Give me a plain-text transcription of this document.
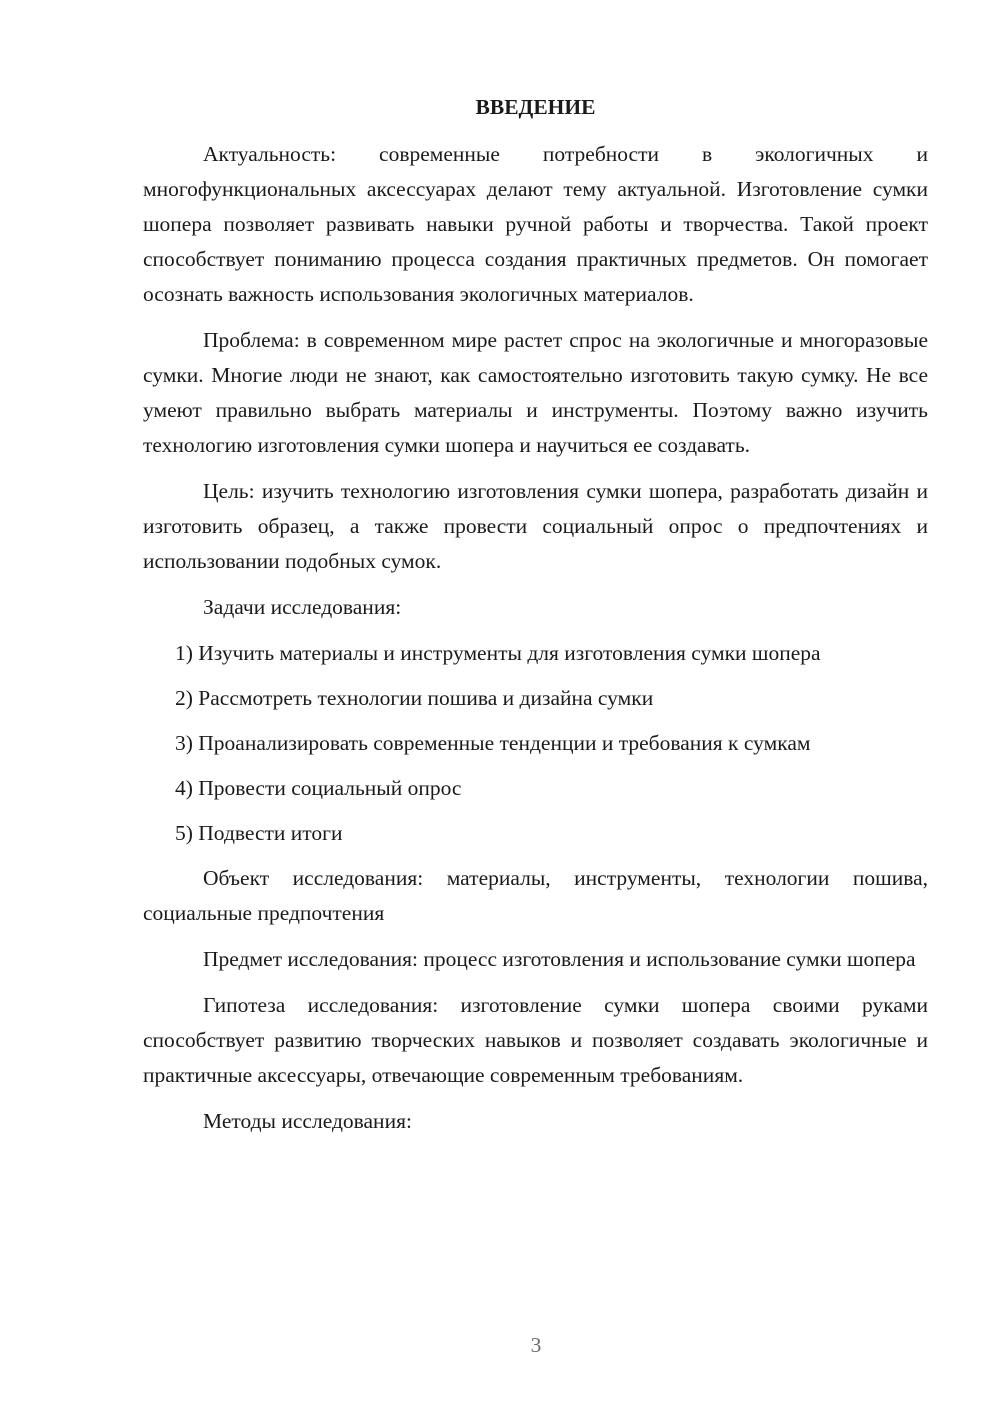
ВВЕДЕНИЕ

Актуальность: современные потребности в экологичных и многофункциональных аксессуарах делают тему актуальной. Изготовление сумки шопера позволяет развивать навыки ручной работы и творчества. Такой проект способствует пониманию процесса создания практичных предметов. Он помогает осознать важность использования экологичных материалов.

Проблема: в современном мире растет спрос на экологичные и многоразовые сумки. Многие люди не знают, как самостоятельно изготовить такую сумку. Не все умеют правильно выбрать материалы и инструменты. Поэтому важно изучить технологию изготовления сумки шопера и научиться ее создавать.

Цель: изучить технологию изготовления сумки шопера, разработать дизайн и изготовить образец, а также провести социальный опрос о предпочтениях и использовании подобных сумок.

Задачи исследования:

1) Изучить материалы и инструменты для изготовления сумки шопера
2) Рассмотреть технологии пошива и дизайна сумки
3) Проанализировать современные тенденции и требования к сумкам
4) Провести социальный опрос
5) Подвести итоги

Объект исследования: материалы, инструменты, технологии пошива, социальные предпочтения

Предмет исследования: процесс изготовления и использование сумки шопера

Гипотеза исследования: изготовление сумки шопера своими руками способствует развитию творческих навыков и позволяет создавать экологичные и практичные аксессуары, отвечающие современным требованиям.

Методы исследования:

3
